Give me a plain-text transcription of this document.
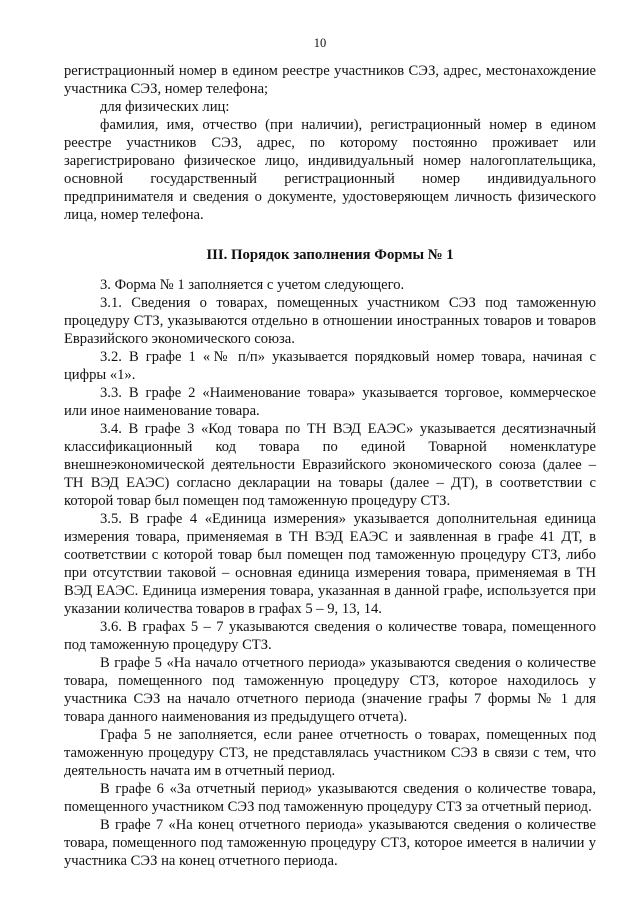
10

регистрационный номер в едином реестре участников СЭЗ, адрес, местонахождение участника СЭЗ, номер телефона;

для физических лиц:

фамилия, имя, отчество (при наличии), регистрационный номер в едином реестре участников СЭЗ, адрес, по которому постоянно проживает или зарегистрировано физическое лицо, индивидуальный номер налогоплательщика, основной государственный регистрационный номер индивидуального предпринимателя и сведения о документе, удостоверяющем личность физического лица, номер телефона.

III. Порядок заполнения Формы № 1

3. Форма № 1 заполняется с учетом следующего.

3.1. Сведения о товарах, помещенных участником СЭЗ под таможенную процедуру СТЗ, указываются отдельно в отношении иностранных товаров и товаров Евразийского экономического союза.

3.2. В графе 1 «№ п/п» указывается порядковый номер товара, начиная с цифры «1».

3.3. В графе 2 «Наименование товара» указывается торговое, коммерческое или иное наименование товара.

3.4. В графе 3 «Код товара по ТН ВЭД ЕАЭС» указывается десятизначный классификационный код товара по единой Товарной номенклатуре внешнеэкономической деятельности Евразийского экономического союза (далее – ТН ВЭД ЕАЭС) согласно декларации на товары (далее – ДТ), в соответствии с которой товар был помещен под таможенную процедуру СТЗ.

3.5. В графе 4 «Единица измерения» указывается дополнительная единица измерения товара, применяемая в ТН ВЭД ЕАЭС и заявленная в графе 41 ДТ, в соответствии с которой товар был помещен под таможенную процедуру СТЗ, либо при отсутствии таковой – основная единица измерения товара, применяемая в ТН ВЭД ЕАЭС. Единица измерения товара, указанная в данной графе, используется при указании количества товаров в графах 5 – 9, 13, 14.

3.6. В графах 5 – 7 указываются сведения о количестве товара, помещенного под таможенную процедуру СТЗ.

В графе 5 «На начало отчетного периода» указываются сведения о количестве товара, помещенного под таможенную процедуру СТЗ, которое находилось у участника СЭЗ на начало отчетного периода (значение графы 7 формы № 1 для товара данного наименования из предыдущего отчета).

Графа 5 не заполняется, если ранее отчетность о товарах, помещенных под таможенную процедуру СТЗ, не представлялась участником СЭЗ в связи с тем, что деятельность начата им в отчетный период.

В графе 6 «За отчетный период» указываются сведения о количестве товара, помещенного участником СЭЗ под таможенную процедуру СТЗ за отчетный период.

В графе 7 «На конец отчетного периода» указываются сведения о количестве товара, помещенного под таможенную процедуру СТЗ, которое имеется в наличии у участника СЭЗ на конец отчетного периода.
